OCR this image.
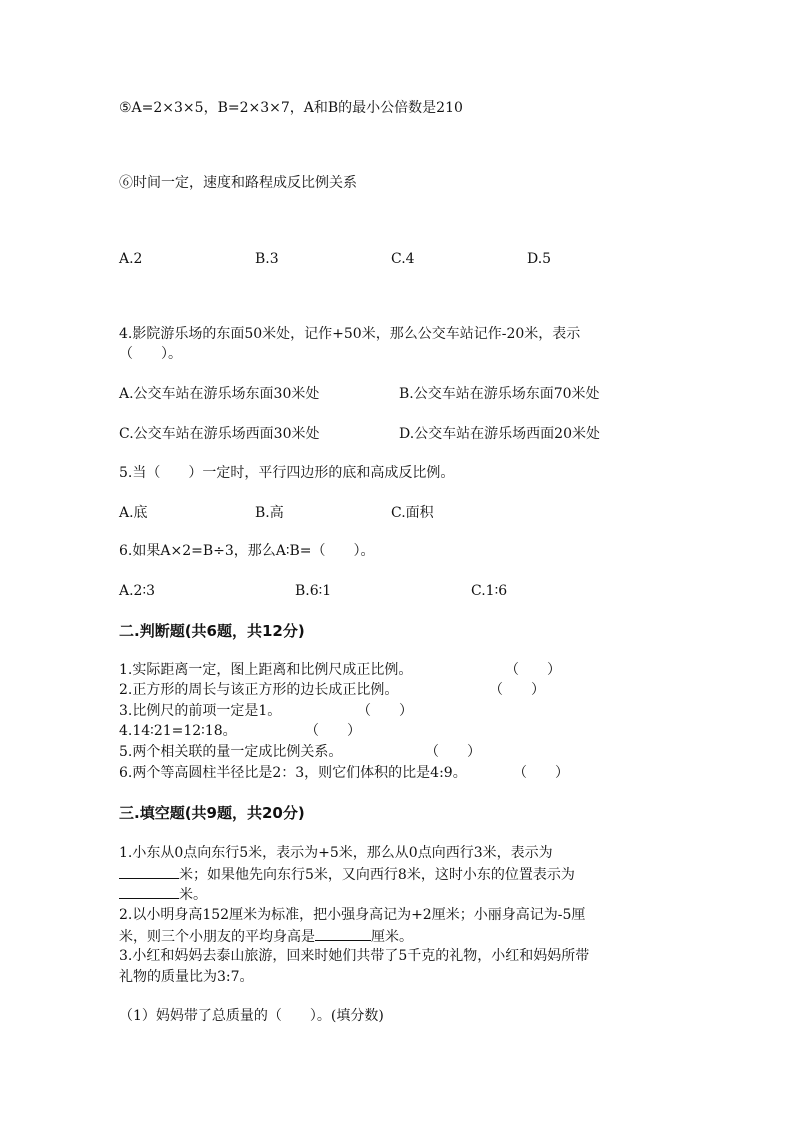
⑤A=2×3×5，B=2×3×7，A和B的最小公倍数是210
⑥时间一定，速度和路程成反比例关系
A.2	B.3	C.4	D.5
4.影院游乐场的东面50米处，记作+50米，那么公交车站记作-20米，表示
（　　）。
A.公交车站在游乐场东面30米处	B.公交车站在游乐场东面70米处
C.公交车站在游乐场西面30米处	D.公交车站在游乐场西面20米处
5.当（　　）一定时，平行四边形的底和高成反比例。
A.底	B.高	C.面积
6.如果A×2=B÷3，那么A∶B=（　　）。
A.2∶3	B.6∶1	C.1∶6
二.判断题(共6题，共12分)
1.实际距离一定，图上距离和比例尺成正比例。	（　　）
2.正方形的周长与该正方形的边长成正比例。	（　　）
3.比例尺的前项一定是1。	（　　）
4.14∶21=12∶18。	（　　）
5.两个相关联的量一定成比例关系。	（　　）
6.两个等高圆柱半径比是2：3，则它们体积的比是4:9。	（　　）
三.填空题(共9题，共20分)
1.小东从0点向东行5米，表示为+5米，那么从0点向西行3米，表示为
米；如果他先向东行5米，又向西行8米，这时小东的位置表示为
米。
2.以小明身高152厘米为标准，把小强身高记为+2厘米；小丽身高记为-5厘
米，则三个小朋友的平均身高是	厘米。
3.小红和妈妈去泰山旅游，回来时她们共带了5千克的礼物，小红和妈妈所带
礼物的质量比为3:7。
（1）妈妈带了总质量的（　　）。(填分数)
